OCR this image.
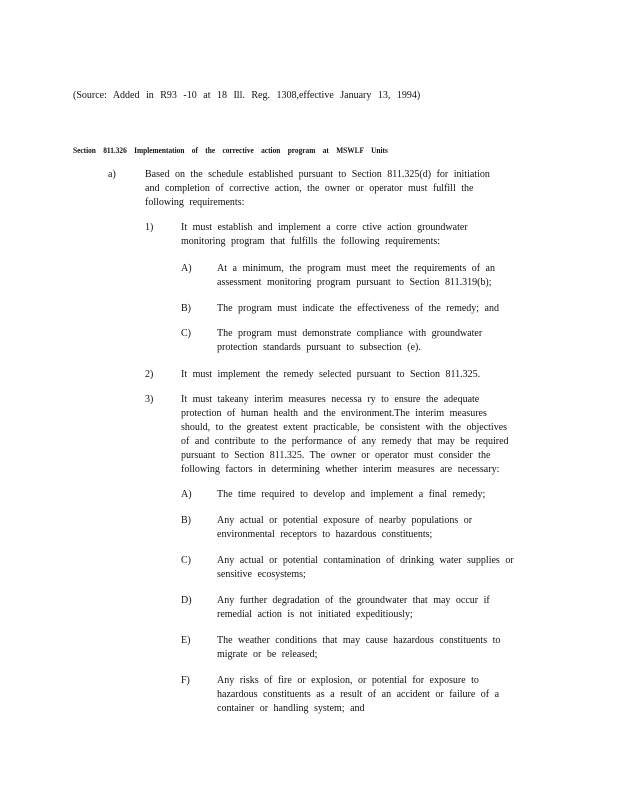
(Source: Added in R93 -10 at 18 Ill. Reg. 1308,effective January 13, 1994)
Section 811.326 Implementation of the corrective action program at MSWLF Units
a)	Based on the schedule established pursuant to Section 811.325(d) for initiation
and completion of corrective action, the owner or operator must fulfill the
following requirements:
1)	It must establish and implement a corre ctive action groundwater
monitoring program that fulfills the following requirements:
A)	At a minimum, the program must meet the requirements of an
assessment monitoring program pursuant to Section 811.319(b);
B)	The program must indicate the effectiveness of the remedy; and
C)	The program must demonstrate compliance with groundwater
protection standards pursuant to subsection (e).
2)	It must implement the remedy selected pursuant to Section 811.325.
3)	It must takeany interim measures necessa ry to ensure the adequate
protection of human health and the environment.The interim measures
should, to the greatest extent practicable, be consistent with the objectives
of and contribute to the performance of any remedy that may be required
pursuant to Section 811.325. The owner or operator must consider the
following factors in determining whether interim measures are necessary:
A)	The time required to develop and implement a final remedy;
B)	Any actual or potential exposure of nearby populations or
environmental receptors to hazardous constituents;
C)	Any actual or potential contamination of drinking water supplies or
sensitive ecosystems;
D)	Any further degradation of the groundwater that may occur if
remedial action is not initiated expeditiously;
E)	The weather conditions that may cause hazardous constituents to
migrate or be released;
F)	Any risks of fire or explosion, or potential for exposure to
hazardous constituents as a result of an accident or failure of a
container or handling system; and
